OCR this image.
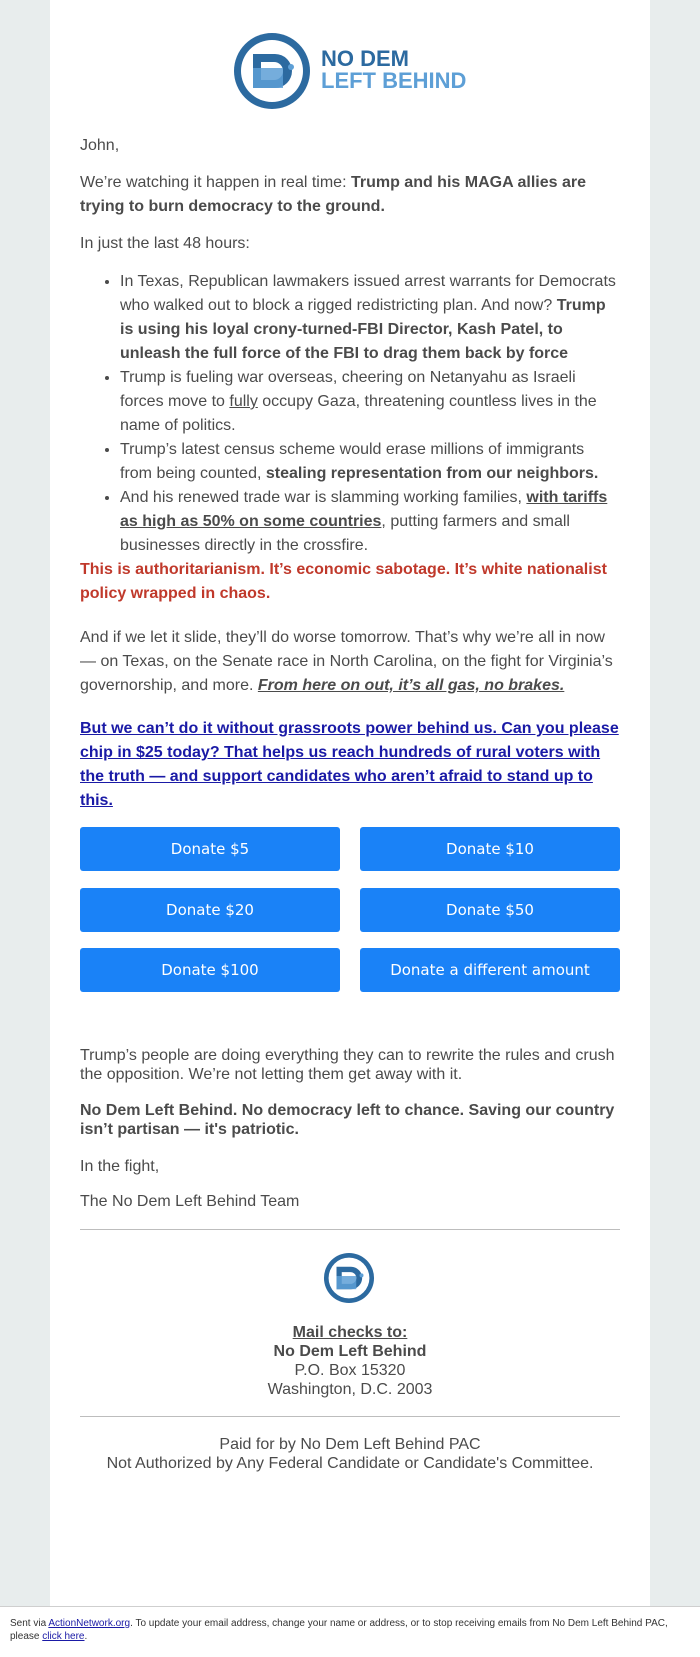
NO DEM
LEFT BEHIND

John,

We’re watching it happen in real time: Trump and his MAGA allies are trying to burn democracy to the ground.

In just the last 48 hours:

• In Texas, Republican lawmakers issued arrest warrants for Democrats who walked out to block a rigged redistricting plan. And now? Trump is using his loyal crony-turned-FBI Director, Kash Patel, to unleash the full force of the FBI to drag them back by force
• Trump is fueling war overseas, cheering on Netanyahu as Israeli forces move to fully occupy Gaza, threatening countless lives in the name of politics.
• Trump’s latest census scheme would erase millions of immigrants from being counted, stealing representation from our neighbors.
• And his renewed trade war is slamming working families, with tariffs as high as 50% on some countries, putting farmers and small businesses directly in the crossfire.

This is authoritarianism. It’s economic sabotage. It’s white nationalist policy wrapped in chaos.

And if we let it slide, they’ll do worse tomorrow. That’s why we’re all in now — on Texas, on the Senate race in North Carolina, on the fight for Virginia’s governorship, and more. From here on out, it’s all gas, no brakes.

But we can’t do it without grassroots power behind us. Can you please chip in $25 today? That helps us reach hundreds of rural voters with the truth — and support candidates who aren’t afraid to stand up to this.

Donate $5	Donate $10
Donate $20	Donate $50
Donate $100	Donate a different amount

Trump’s people are doing everything they can to rewrite the rules and crush the opposition. We’re not letting them get away with it.

No Dem Left Behind. No democracy left to chance. Saving our country isn’t partisan — it's patriotic.

In the fight,

The No Dem Left Behind Team

Mail checks to:

No Dem Left Behind

P.O. Box 15320

Washington, D.C. 2003

Paid for by No Dem Left Behind PAC

Not Authorized by Any Federal Candidate or Candidate's Committee.

Sent via ActionNetwork.org. To update your email address, change your name or address, or to stop receiving emails from No Dem Left Behind PAC, please click here.
